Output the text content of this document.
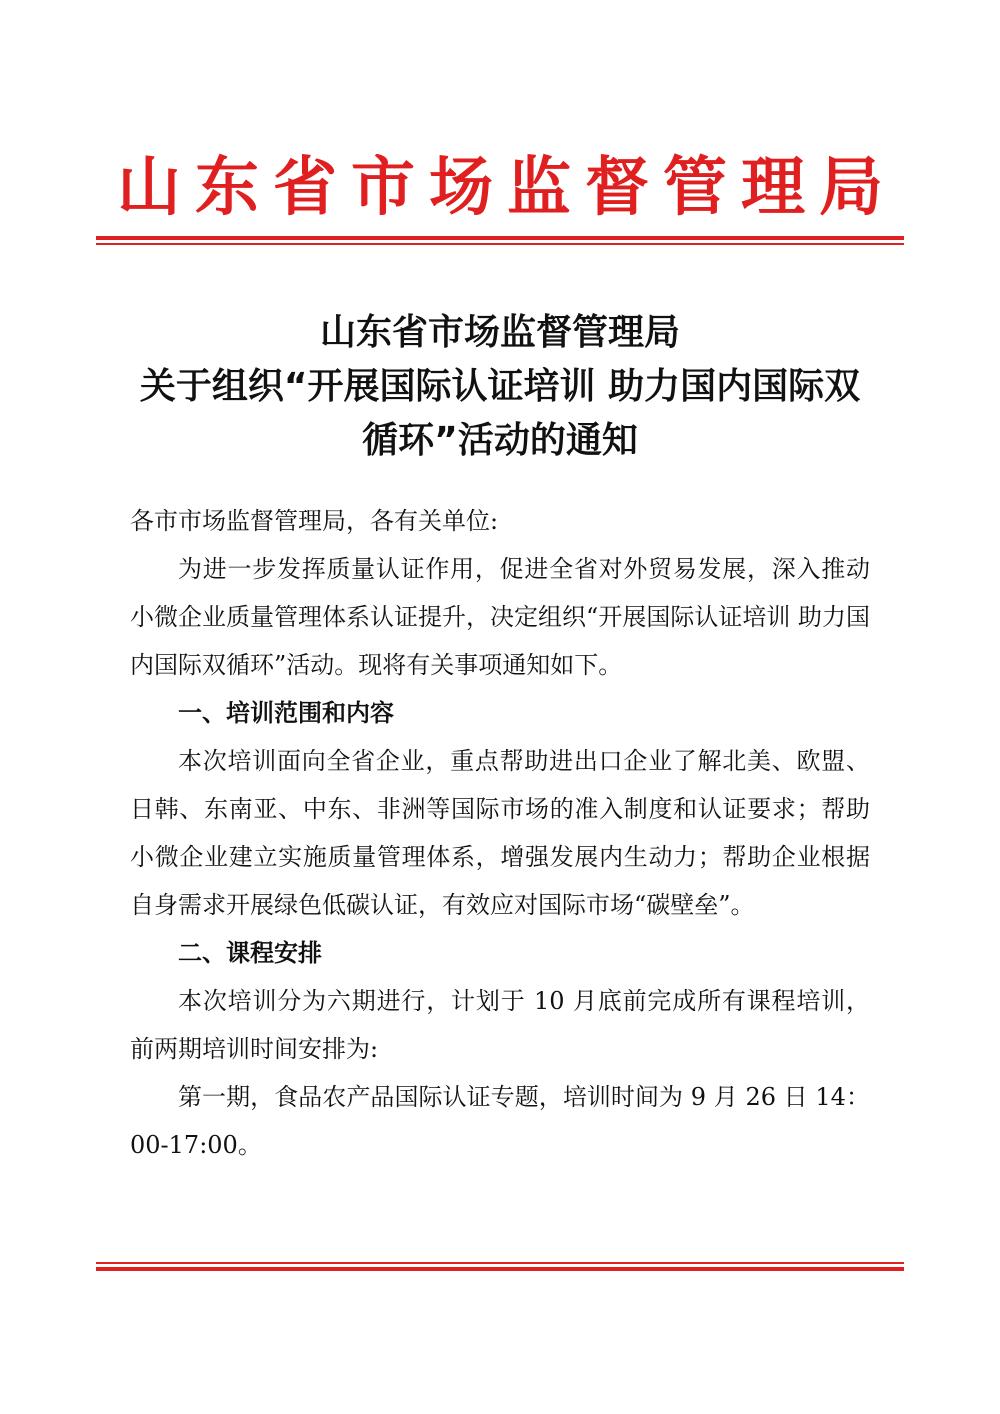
山东省市场监督管理局
山东省市场监督管理局
关于组织“开展国际认证培训 助力国内国际双
循环”活动的通知

各市市场监督管理局，各有关单位:

为进一步发挥质量认证作用，促进全省对外贸易发展，深入推动小微企业质量管理体系认证提升，决定组织“开展国际认证培训 助力国内国际双循环”活动。现将有关事项通知如下。

一、培训范围和内容

本次培训面向全省企业，重点帮助进出口企业了解北美、欧盟、日韩、东南亚、中东、非洲等国际市场的准入制度和认证要求；帮助小微企业建立实施质量管理体系，增强发展内生动力；帮助企业根据自身需求开展绿色低碳认证，有效应对国际市场“碳壁垒”。

二、课程安排

本次培训分为六期进行，计划于 10 月底前完成所有课程培训，前两期培训时间安排为:

第一期，食品农产品国际认证专题，培训时间为 9 月 26 日 14：00-17:00。
